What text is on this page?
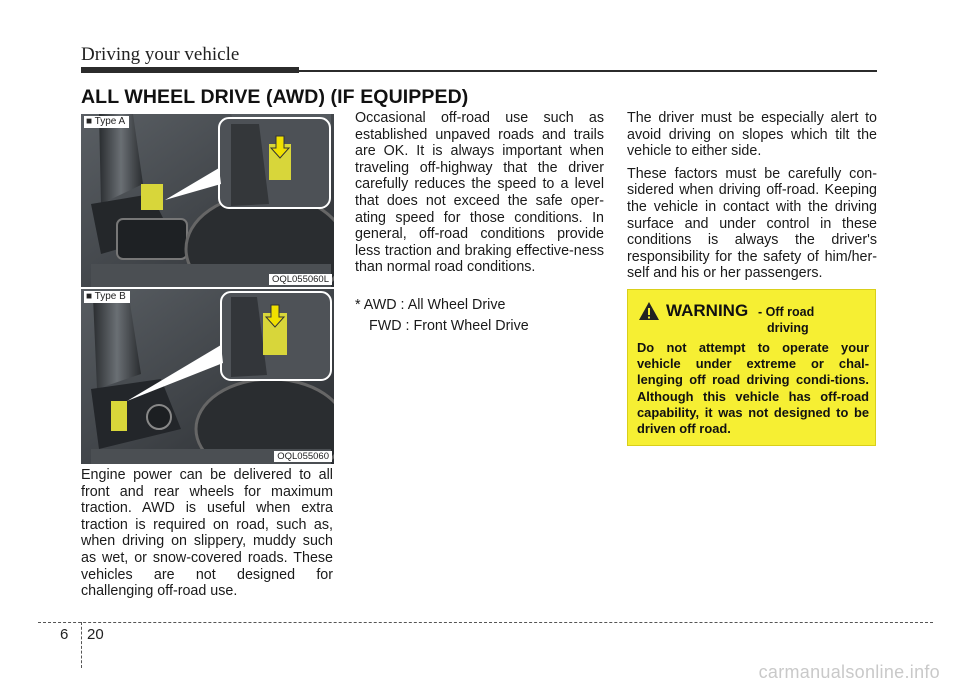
Driving your vehicle
ALL WHEEL DRIVE (AWD) (IF EQUIPPED)
■ Type A
OQL055060L
■ Type B
OQL055060
Engine power can be delivered to all front and rear wheels for maximum traction. AWD is useful when extra traction is required on road, such as, when driving on slippery, muddy such as wet, or snow-covered roads. These vehicles are not designed for challenging off-road use.
Occasional off-road use such as established unpaved roads and trails are OK. It is always important when traveling off-highway that the driver carefully reduces the speed to a level that does not exceed the safe oper-ating speed for those conditions. In general, off-road conditions provide less traction and braking effective-ness than normal road conditions.
* AWD : All Wheel Drive
FWD : Front Wheel Drive

The driver must be especially alert to avoid driving on slopes which tilt the vehicle to either side.

These factors must be carefully con-sidered when driving off-road. Keeping the vehicle in contact with the driving surface and under control in these conditions is always the driver's responsibility for the safety of him/her-self and his or her passengers.

WARNING - Off road
driving
Do not attempt to operate your vehicle under extreme or chal-lenging off road driving condi-tions. Although this vehicle has off-road capability, it was not designed to be driven off road.
6 20
carmanualsonline.info
